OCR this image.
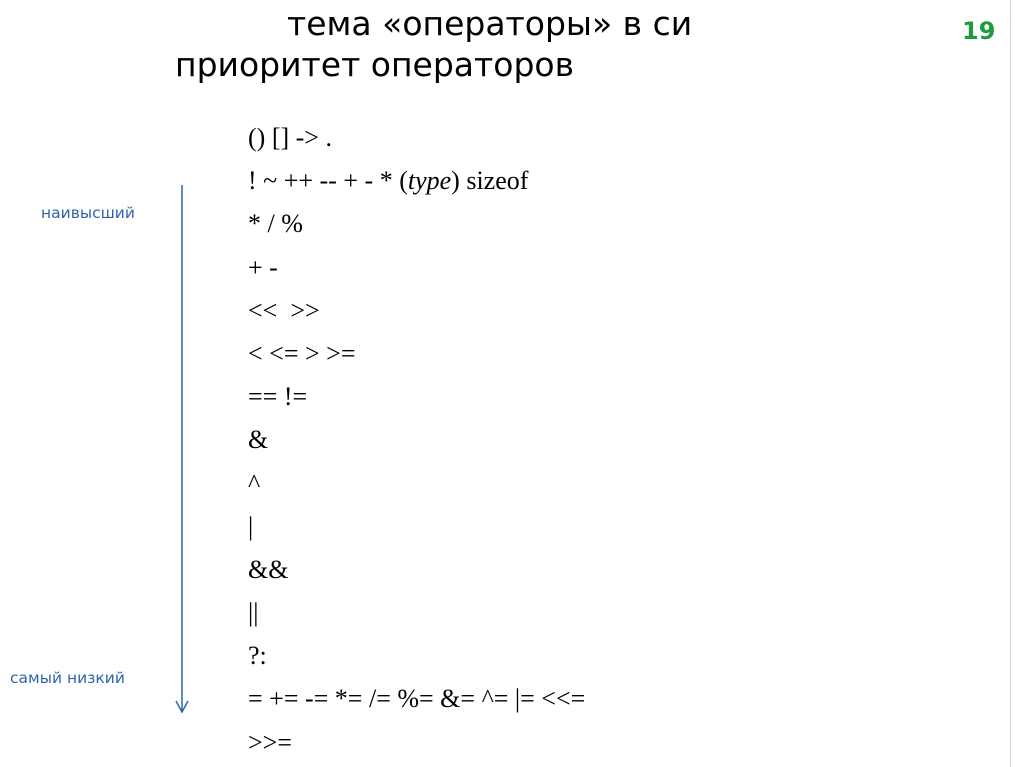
тема «операторы» в си
приоритет операторов
19
наивысший
самый низкий
() [] -> .
! ~ ++ -- + - * (type) sizeof
* / %
+ -
<<  >>
< <= > >=
== !=
&
^
|
&&
||
?:
= += -= *= /= %= &= ^= |= <<=
>>=
